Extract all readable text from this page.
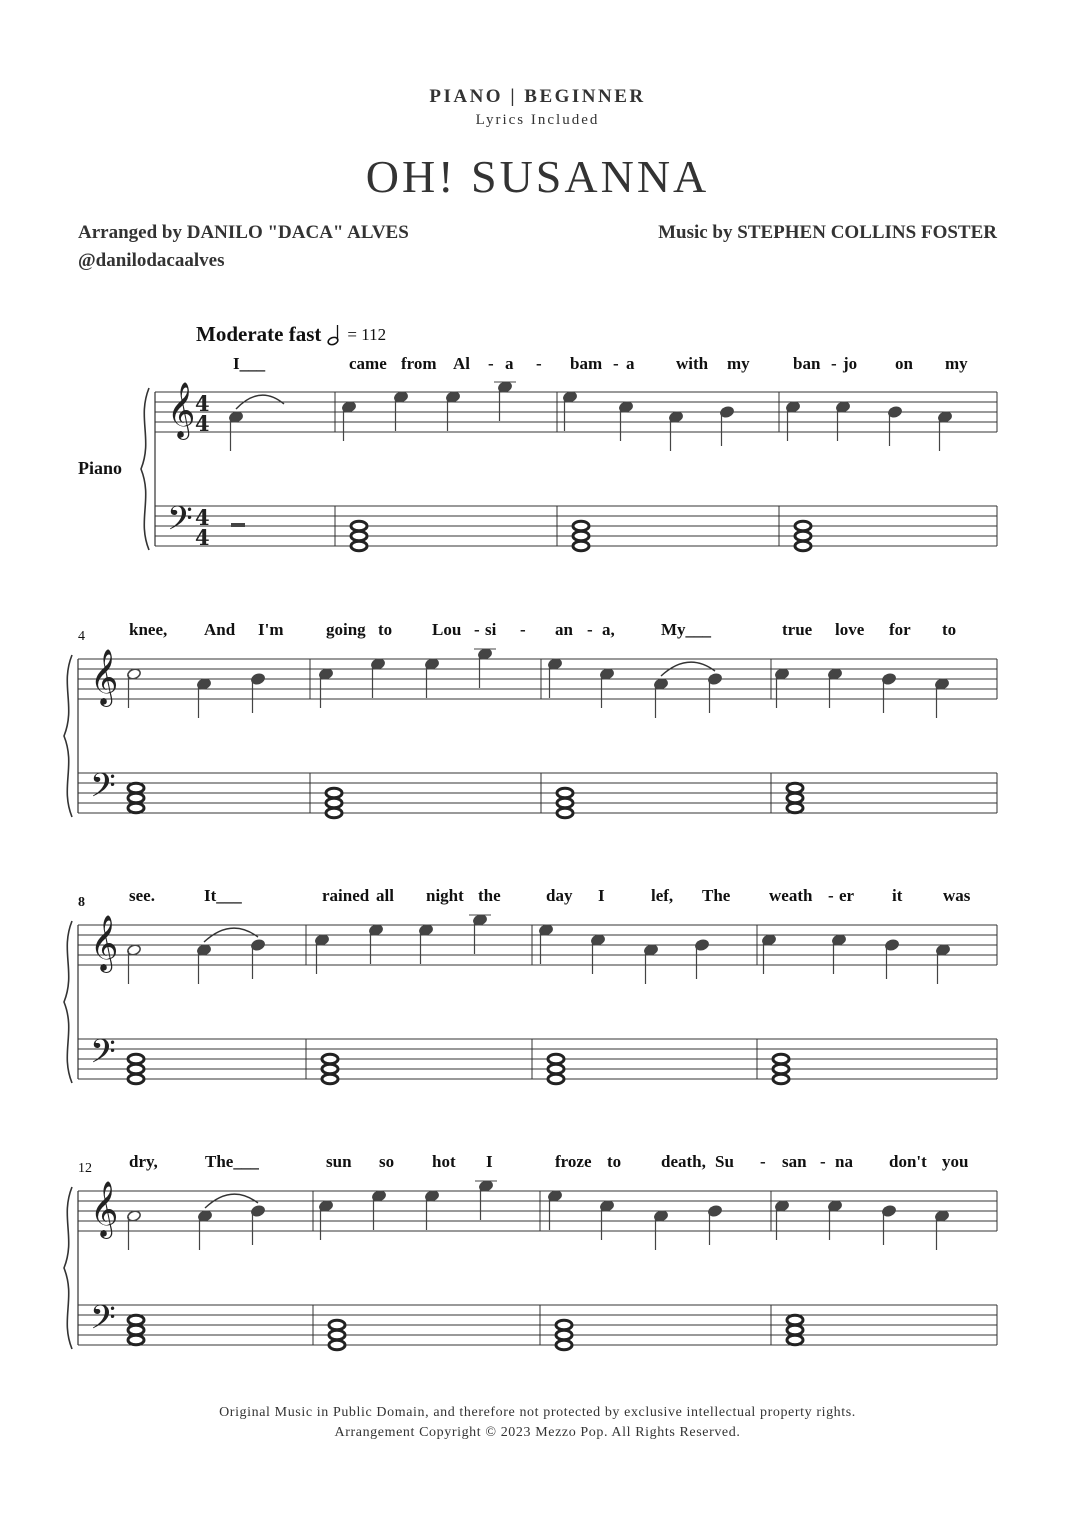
PIANO | BEGINNER
Lyrics Included
OH! SUSANNA
Arranged by DANILO "DACA" ALVES
@danilodacaalves
Music by STEPHEN COLLINS FOSTER
Moderate fast = 112
Piano
4
8
12
I___	came from Al - a - bam - a with my	ban - jo on my
knee, And I'm	going to Lou - si - an - a,	My___	true love for to
see.	It___	rained all night the	day I	lef, The weath - er it was
dry,	The___	sun so hot I	froze to death, Su - san - na don't you
𝄞
𝄢
4
4
4
4
𝄞
𝄢
𝄞
𝄢
𝄞
𝄢
Original Music in Public Domain, and therefore not protected by exclusive intellectual property rights.
Arrangement Copyright © 2023 Mezzo Pop. All Rights Reserved.
